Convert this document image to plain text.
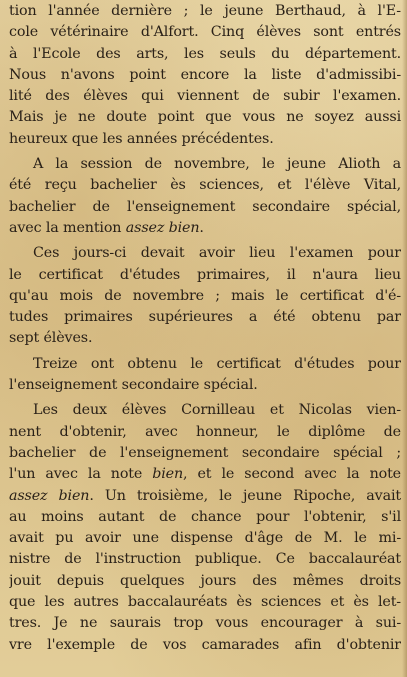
tion l'année dernière ; le jeune Berthaud, à l'E-
cole vétérinaire d'Alfort. Cinq élèves sont entrés
à l'Ecole des arts, les seuls du département.
Nous n'avons point encore la liste d'admissibi-
lité des élèves qui viennent de subir l'examen.
Mais je ne doute point que vous ne soyez aussi
heureux que les années précédentes.
A la session de novembre, le jeune Alioth a
été reçu bachelier ès sciences, et l'élève Vital,
bachelier de l'enseignement secondaire spécial,
avec la mention assez bien.
Ces jours-ci devait avoir lieu l'examen pour
le certificat d'études primaires, il n'aura lieu
qu'au mois de novembre ; mais le certificat d'é-
tudes primaires supérieures a été obtenu par
sept élèves.
Treize ont obtenu le certificat d'études pour
l'enseignement secondaire spécial.
Les deux élèves Cornilleau et Nicolas vien-
nent d'obtenir, avec honneur, le diplôme de
bachelier de l'enseignement secondaire spécial ;
l'un avec la note bien, et le second avec la note
assez bien. Un troisième, le jeune Ripoche, avait
au moins autant de chance pour l'obtenir, s'il
avait pu avoir une dispense d'âge de M. le mi-
nistre de l'instruction publique. Ce baccalauréat
jouit depuis quelques jours des mêmes droits
que les autres baccalauréats ès sciences et ès let-
tres. Je ne saurais trop vous encourager à sui-
vre l'exemple de vos camarades afin d'obtenir
